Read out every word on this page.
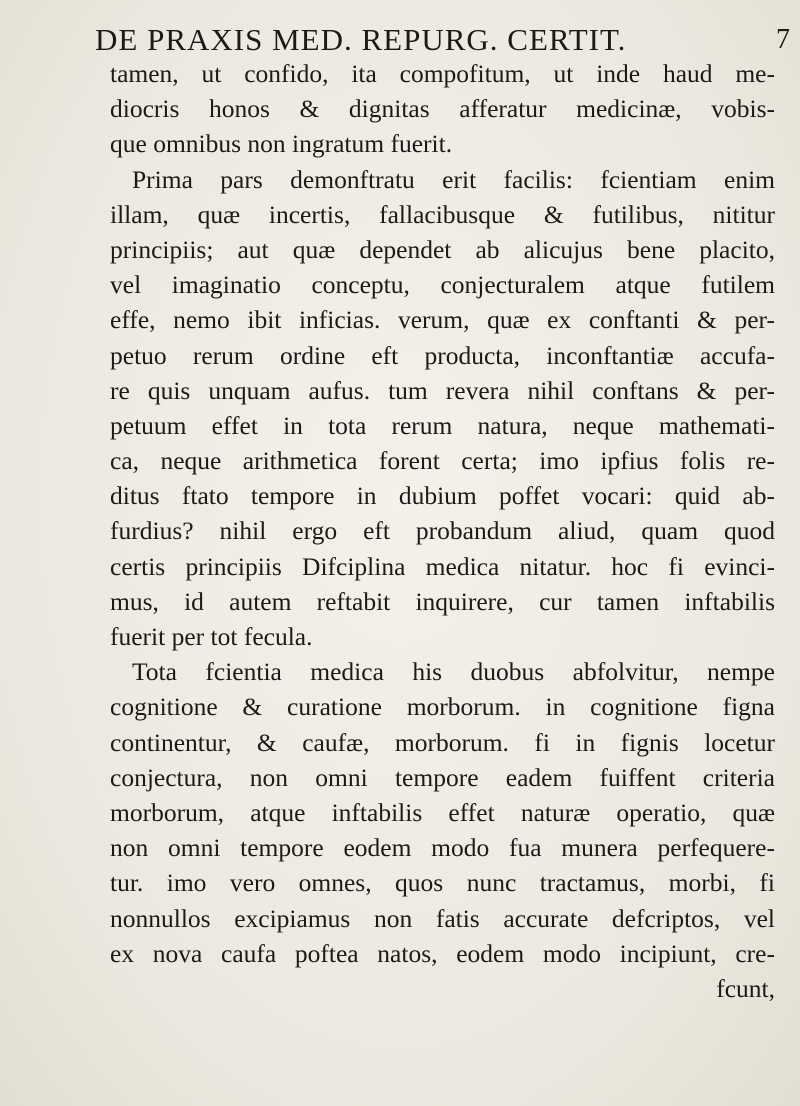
DE PRAXIS MED. REPURG. CERTIT.	7
tamen, ut confido, ita compofitum, ut inde haud me-
diocris honos & dignitas afferatur medicinæ, vobis-
que omnibus non ingratum fuerit.
Prima pars demonftratu erit facilis: fcientiam enim
illam, quæ incertis, fallacibusque & futilibus, nititur
principiis; aut quæ dependet ab alicujus bene placito,
vel imaginatio conceptu, conjecturalem atque futilem
effe, nemo ibit inficias. verum, quæ ex conftanti & per-
petuo rerum ordine eft producta, inconftantiæ accufa-
re quis unquam aufus. tum revera nihil conftans & per-
petuum effet in tota rerum natura, neque mathemati-
ca, neque arithmetica forent certa; imo ipfius folis re-
ditus ftato tempore in dubium poffet vocari: quid ab-
furdius? nihil ergo eft probandum aliud, quam quod
certis principiis Difciplina medica nitatur. hoc fi evinci-
mus, id autem reftabit inquirere, cur tamen inftabilis
fuerit per tot fecula.
Tota fcientia medica his duobus abfolvitur, nempe
cognitione & curatione morborum. in cognitione figna
continentur, & caufæ, morborum. fi in fignis locetur
conjectura, non omni tempore eadem fuiffent criteria
morborum, atque inftabilis effet naturæ operatio, quæ
non omni tempore eodem modo fua munera perfequere-
tur. imo vero omnes, quos nunc tractamus, morbi, fi
nonnullos excipiamus non fatis accurate defcriptos, vel
ex nova caufa poftea natos, eodem modo incipiunt, cre-
fcunt,
